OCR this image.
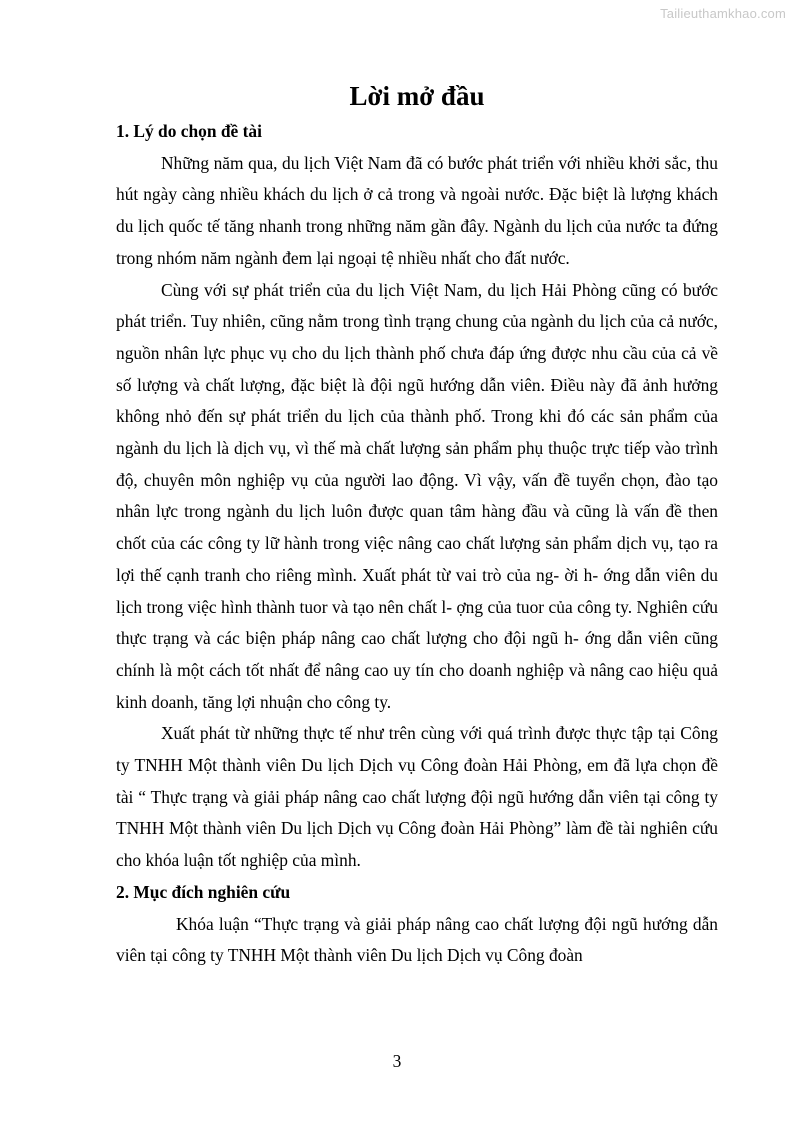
Tailieuthamkhao.com
Lời mở đầu
1. Lý do chọn đề tài

Những năm qua, du lịch Việt Nam đã có bước phát triển với nhiều khởi sắc, thu hút ngày càng nhiều khách du lịch ở cả trong và ngoài nước. Đặc biệt là lượng khách du lịch quốc tế tăng nhanh trong những năm gần đây. Ngành du lịch của nước ta đứng trong nhóm năm ngành đem lại ngoại tệ nhiều nhất cho đất nước.

Cùng với sự phát triển của du lịch Việt Nam, du lịch Hải Phòng cũng có bước phát triển. Tuy nhiên, cũng nằm trong tình trạng chung của ngành du lịch của cả nước, nguồn nhân lực phục vụ cho du lịch thành phố chưa đáp ứng được nhu cầu của cả về số lượng và chất lượng, đặc biệt là đội ngũ hướng dẫn viên. Điều này đã ảnh hưởng không nhỏ đến sự phát triển du lịch của thành phố. Trong khi đó các sản phẩm của ngành du lịch là dịch vụ, vì thế mà chất lượng sản phẩm phụ thuộc trực tiếp vào trình độ, chuyên môn nghiệp vụ của người lao động. Vì vậy, vấn đề tuyển chọn, đào tạo nhân lực trong ngành du lịch luôn được quan tâm hàng đầu và cũng là vấn đề then chốt của các công ty lữ hành trong việc nâng cao chất lượng sản phẩm dịch vụ, tạo ra lợi thế cạnh tranh cho riêng mình. Xuất phát từ vai trò của ng- ời h- ớng dẫn viên du lịch trong việc hình thành tuor và tạo nên chất l- ợng của tuor của công ty. Nghiên cứu thực trạng và các biện pháp nâng cao chất lượng cho đội ngũ h- ớng dẫn viên cũng chính là một cách tốt nhất để nâng cao uy tín cho doanh nghiệp và nâng cao hiệu quả kinh doanh, tăng lợi nhuận cho công ty.

Xuất phát từ những thực tế như trên cùng với quá trình được thực tập tại Công ty TNHH Một thành viên Du lịch Dịch vụ Công đoàn Hải Phòng, em đã lựa chọn đề tài “ Thực trạng và giải pháp nâng cao chất lượng đội ngũ hướng dẫn viên tại công ty TNHH Một thành viên Du lịch Dịch vụ Công đoàn Hải Phòng” làm đề tài nghiên cứu cho khóa luận tốt nghiệp của mình.

2. Mục đích nghiên cứu

Khóa luận “Thực trạng và giải pháp nâng cao chất lượng đội ngũ hướng dẫn viên tại công ty TNHH Một thành viên Du lịch Dịch vụ Công đoàn

3
